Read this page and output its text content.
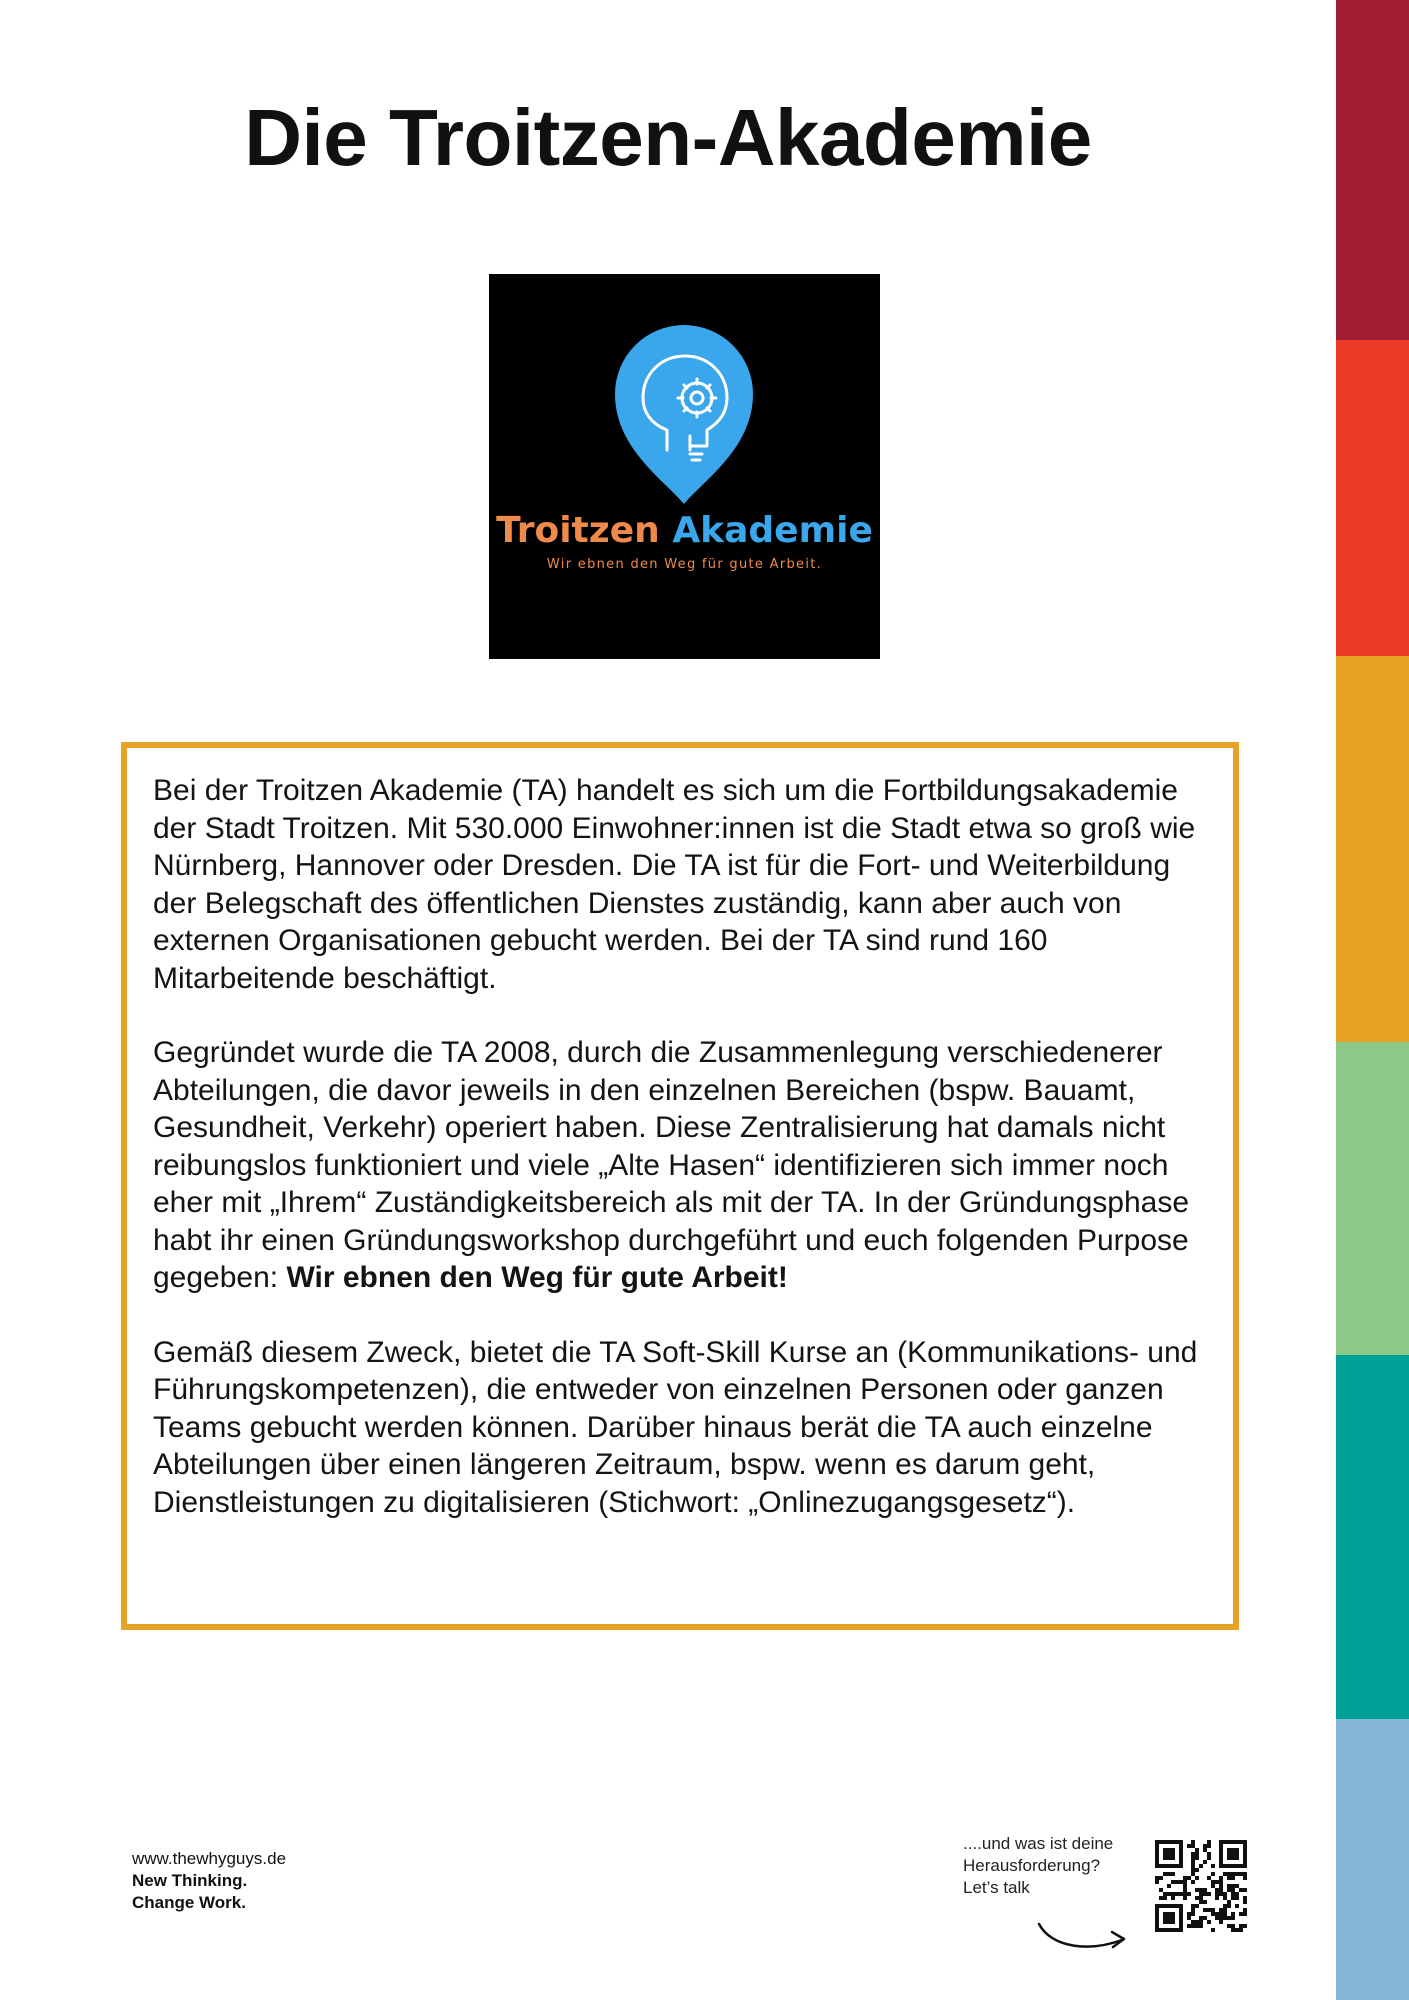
Die Troitzen-Akademie
Troitzen Akademie
Wir ebnen den Weg für gute Arbeit.

Bei der Troitzen Akademie (TA) handelt es sich um die Fortbildungsakademie der Stadt Troitzen. Mit 530.000 Einwohner:innen ist die Stadt etwa so groß wie Nürnberg, Hannover oder Dresden. Die TA ist für die Fort- und Weiterbildung der Belegschaft des öffentlichen Dienstes zuständig, kann aber auch von externen Organisationen gebucht werden. Bei der TA sind rund 160 Mitarbeitende beschäftigt.

Gegründet wurde die TA 2008, durch die Zusammenlegung verschiedenerer Abteilungen, die davor jeweils in den einzelnen Bereichen (bspw. Bauamt, Gesundheit, Verkehr) operiert haben. Diese Zentralisierung hat damals nicht reibungslos funktioniert und viele „Alte Hasen“ identifizieren sich immer noch eher mit „Ihrem“ Zuständigkeitsbereich als mit der TA. In der Gründungsphase habt ihr einen Gründungsworkshop durchgeführt und euch folgenden Purpose gegeben: Wir ebnen den Weg für gute Arbeit!

Gemäß diesem Zweck, bietet die TA Soft-Skill Kurse an (Kommunikations- und Führungskompetenzen), die entweder von einzelnen Personen oder ganzen Teams gebucht werden können. Darüber hinaus berät die TA auch einzelne Abteilungen über einen längeren Zeitraum, bspw. wenn es darum geht, Dienstleistungen zu digitalisieren (Stichwort: „Onlinezugangsgesetz“).

www.thewhyguys.de
New Thinking.
Change Work.
....und was ist deine
Herausforderung?
Let’s talk
